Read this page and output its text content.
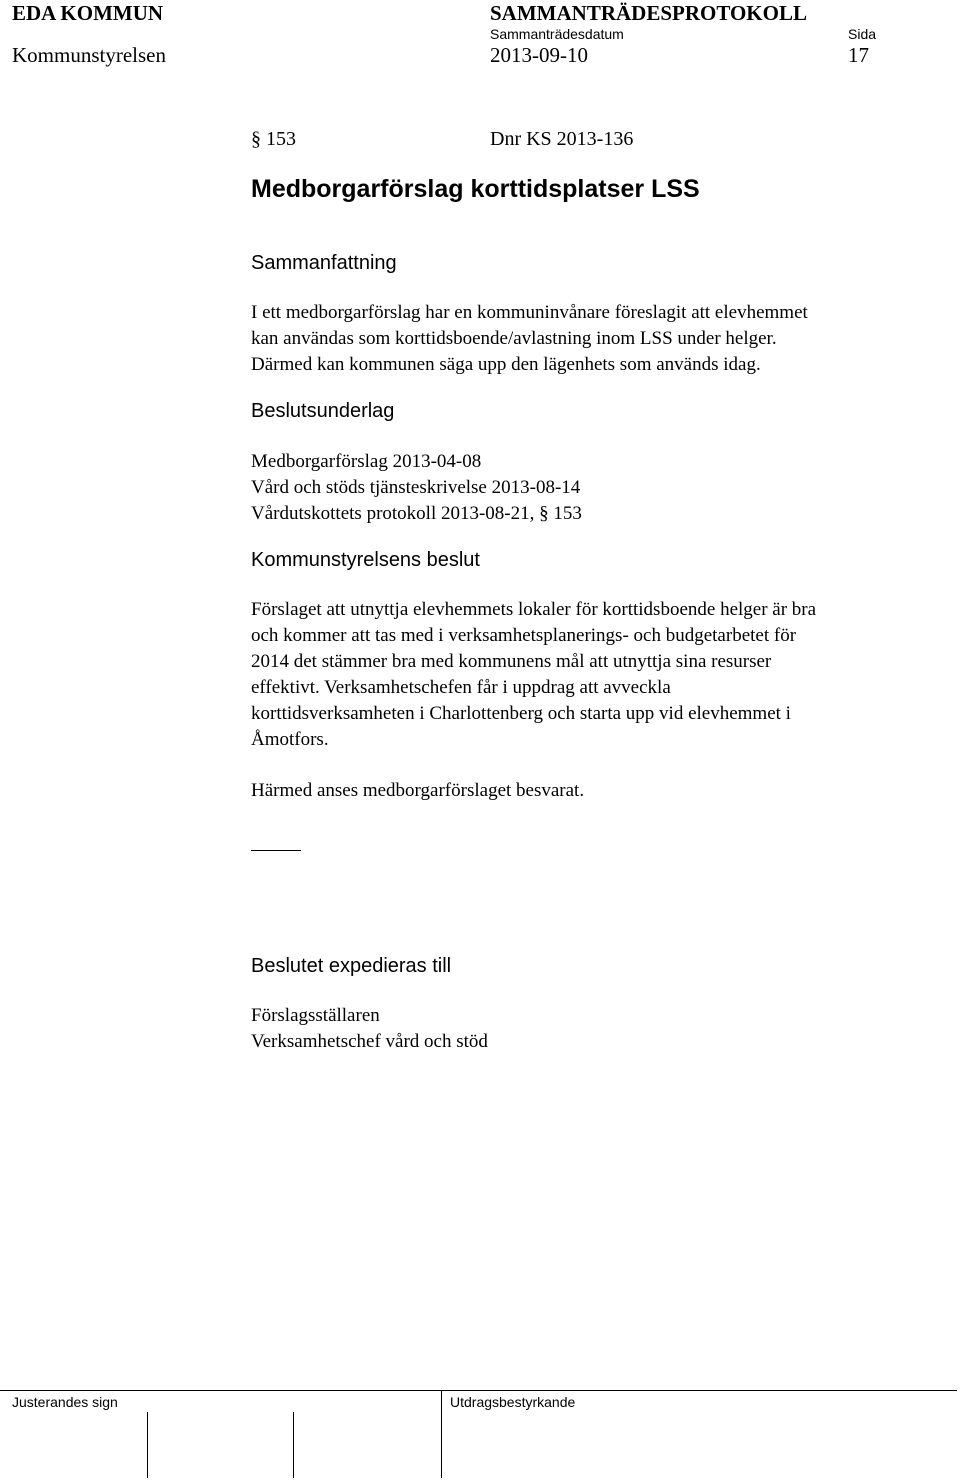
EDA KOMMUN	SAMMANTRÄDESPROTOKOLL
Sammanträdesdatum	Sida
Kommunstyrelsen	2013-09-10	17
§ 153	Dnr KS 2013-136
Medborgarförslag korttidsplatser LSS
Sammanfattning
I ett medborgarförslag har en kommuninvånare föreslagit att elevhemmet
kan användas som korttidsboende/avlastning inom LSS under helger.
Därmed kan kommunen säga upp den lägenhets som används idag.
Beslutsunderlag
Medborgarförslag 2013-04-08
Vård och stöds tjänsteskrivelse 2013-08-14
Vårdutskottets protokoll 2013-08-21, § 153
Kommunstyrelsens beslut
Förslaget att utnyttja elevhemmets lokaler för korttidsboende helger är bra
och kommer att tas med i verksamhetsplanerings- och budgetarbetet för
2014 det stämmer bra med kommunens mål att utnyttja sina resurser
effektivt. Verksamhetschefen får i uppdrag att avveckla
korttidsverksamheten i Charlottenberg och starta upp vid elevhemmet i
Åmotfors.
Härmed anses medborgarförslaget besvarat.
Beslutet expedieras till
Förslagsställaren
Verksamhetschef vård och stöd
Justerandes sign	Utdragsbestyrkande
